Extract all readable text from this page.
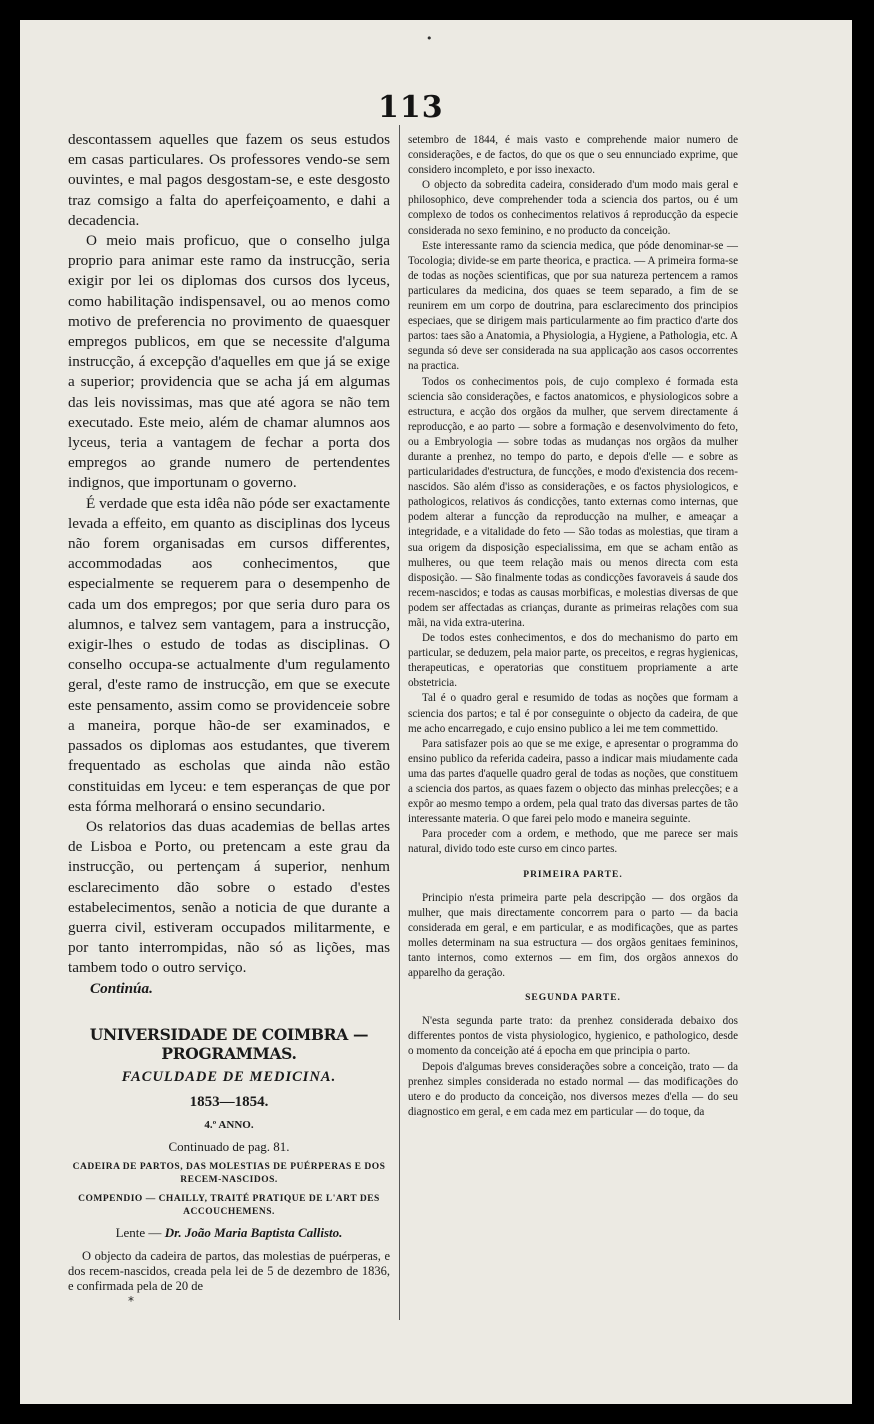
•
113

descontassem aquelles que fazem os seus estudos em casas particulares. Os professores vendo-se sem ouvintes, e mal pagos desgostam-se, e este desgosto traz comsigo a falta do aperfeiçoamento, e dahi a decadencia.

O meio mais proficuo, que o conselho julga proprio para animar este ramo da instrucção, seria exigir por lei os diplomas dos cursos dos lyceus, como habilitação indispensavel, ou ao menos como motivo de preferencia no provimento de quaesquer empregos publicos, em que se necessite d'alguma instrucção, á excepção d'aquelles em que já se exige a superior; providencia que se acha já em algumas das leis novissimas, mas que até agora se não tem executado. Este meio, além de chamar alumnos aos lyceus, teria a vantagem de fechar a porta dos empregos ao grande numero de pertendentes indignos, que importunam o governo.

É verdade que esta idêa não póde ser exactamente levada a effeito, em quanto as disciplinas dos lyceus não forem organisadas em cursos differentes, accommodadas aos conhecimentos, que especialmente se requerem para o desempenho de cada um dos empregos; por que seria duro para os alumnos, e talvez sem vantagem, para a instrucção, exigir-lhes o estudo de todas as disciplinas. O conselho occupa-se actualmente d'um regulamento geral, d'este ramo de instrucção, em que se execute este pensamento, assim como se providenceie sobre a maneira, porque hão-de ser examinados, e passados os diplomas aos estudantes, que tiverem frequentado as escholas que ainda não estão constituidas em lyceu: e tem esperanças de que por esta fórma melhorará o ensino secundario.

Os relatorios das duas academias de bellas artes de Lisboa e Porto, ou pretencam a este grau da instrucção, ou pertençam á superior, nenhum esclarecimento dão sobre o estado d'estes estabelecimentos, senão a noticia de que durante a guerra civil, estiveram occupados militarmente, e por tanto interrompidas, não só as lições, mas tambem todo o outro serviço.

Continúa.

UNIVERSIDADE DE COIMBRA — PROGRAMMAS.

FACULDADE DE MEDICINA.

1853—1854.

4.º ANNO.

Continuado de pag. 81.

CADEIRA DE PARTOS, DAS MOLESTIAS DE PUÉRPERAS E DOS RECEM-NASCIDOS.

COMPENDIO — CHAILLY, TRAITÉ PRATIQUE DE L'ART DES ACCOUCHEMENS.

Lente — Dr. João Maria Baptista Callisto.

O objecto da cadeira de partos, das molestias de puérperas, e dos recem-nascidos, creada pela lei de 5 de dezembro de 1836, e confirmada pela de 20 de

*

setembro de 1844, é mais vasto e comprehende maior numero de considerações, e de factos, do que os que o seu ennunciado exprime, que considero incompleto, e por isso inexacto.

O objecto da sobredita cadeira, considerado d'um modo mais geral e philosophico, deve comprehender toda a sciencia dos partos, ou é um complexo de todos os conhecimentos relativos á reproducção da especie considerada no sexo feminino, e no producto da conceição.

Este interessante ramo da sciencia medica, que póde denominar-se — Tocologia; divide-se em parte theorica, e practica. — A primeira forma-se de todas as noções scientificas, que por sua natureza pertencem a ramos particulares da medicina, dos quaes se teem separado, a fim de se reunirem em um corpo de doutrina, para esclarecimento dos principios especiaes, que se dirigem mais particularmente ao fim practico d'arte dos partos: taes são a Anatomia, a Physiologia, a Hygiene, a Pathologia, etc. A segunda só deve ser considerada na sua applicação aos casos occorrentes na practica.

Todos os conhecimentos pois, de cujo complexo é formada esta sciencia são considerações, e factos anatomicos, e physiologicos sobre a estructura, e acção dos orgãos da mulher, que servem directamente á reproducção, e ao parto — sobre a formação e desenvolvimento do feto, ou a Embryologia — sobre todas as mudanças nos orgãos da mulher durante a prenhez, no tempo do parto, e depois d'elle — e sobre as particularidades d'estructura, de funcções, e modo d'existencia dos recem-nascidos. São além d'isso as considerações, e os factos physiologicos, e pathologicos, relativos ás condicções, tanto externas como internas, que podem alterar a funcção da reproducção na mulher, e ameaçar a integridade, e a vitalidade do feto — São todas as molestias, que tiram a sua origem da disposição especialissima, em que se acham então as mulheres, ou que teem relação mais ou menos directa com esta disposição. — São finalmente todas as condicções favoraveis á saude dos recem-nascidos; e todas as causas morbificas, e molestias diversas de que podem ser affectadas as crianças, durante as primeiras relações com sua mãi, na vida extra-uterina.

De todos estes conhecimentos, e dos do mechanismo do parto em particular, se deduzem, pela maior parte, os preceitos, e regras hygienicas, therapeuticas, e operatorias que constituem propriamente a arte obstetricia.

Tal é o quadro geral e resumido de todas as noções que formam a sciencia dos partos; e tal é por conseguinte o objecto da cadeira, de que me acho encarregado, e cujo ensino publico a lei me tem commettido.

Para satisfazer pois ao que se me exige, e apresentar o programma do ensino publico da referida cadeira, passo a indicar mais miudamente cada uma das partes d'aquelle quadro geral de todas as noções, que constituem a sciencia dos partos, as quaes fazem o objecto das minhas prelecções; e a expôr ao mesmo tempo a ordem, pela qual trato das diversas partes de tão interessante materia. O que farei pelo modo e maneira seguinte.

Para proceder com a ordem, e methodo, que me parece ser mais natural, divido todo este curso em cinco partes.

PRIMEIRA PARTE.

Principio n'esta primeira parte pela descripção — dos orgãos da mulher, que mais directamente concorrem para o parto — da bacia considerada em geral, e em particular, e as modificações, que as partes molles determinam na sua estructura — dos orgãos genitaes femininos, tanto internos, como externos — em fim, dos orgãos annexos do apparelho da geração.

SEGUNDA PARTE.

N'esta segunda parte trato: da prenhez considerada debaixo dos differentes pontos de vista physiologico, hygienico, e pathologico, desde o momento da conceição até á epocha em que principia o parto.

Depois d'algumas breves considerações sobre a conceição, trato — da prenhez simples considerada no estado normal — das modificações do utero e do producto da conceição, nos diversos mezes d'ella — do seu diagnostico em geral, e em cada mez em particular — do toque, da
